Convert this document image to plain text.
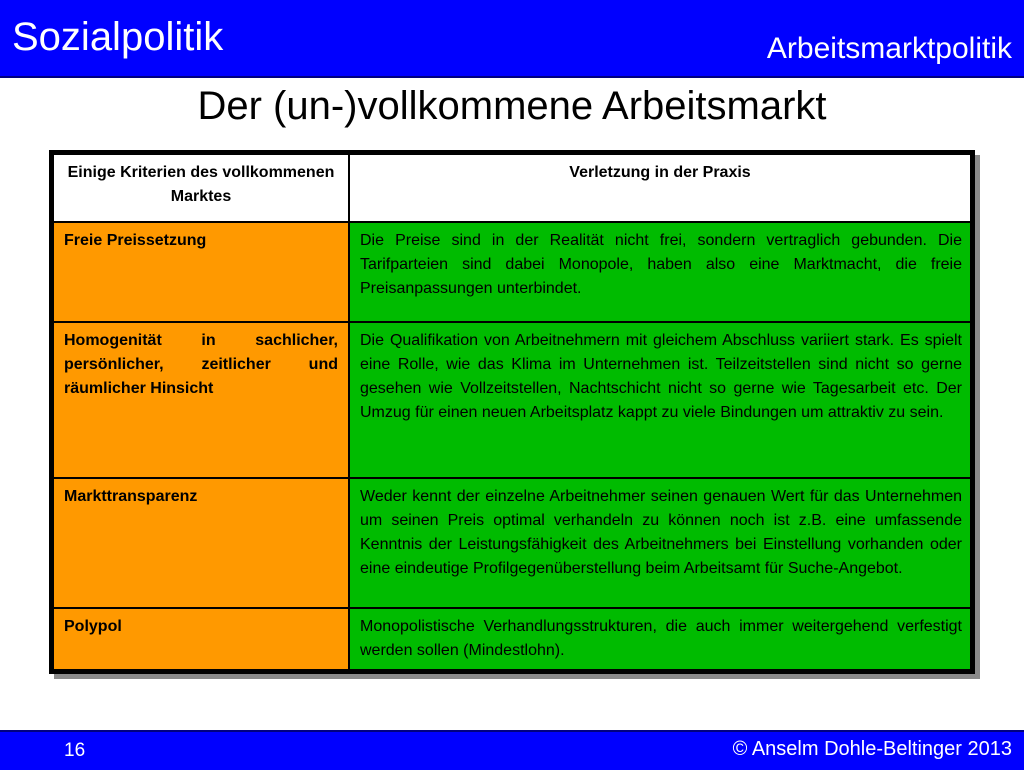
Sozialpolitik	Arbeitsmarktpolitik
Der (un-)vollkommene Arbeitsmarkt
Einige Kriterien des vollkommenen Marktes	Verletzung in der Praxis
Freie Preissetzung	Die Preise sind in der Realität nicht frei, sondern vertraglich gebunden. Die Tarifparteien sind dabei Monopole, haben also eine Marktmacht, die freie Preisanpassungen unterbindet.
Homogenität in sachlicher, persönlicher, zeitlicher und räumlicher Hinsicht	Die Qualifikation von Arbeitnehmern mit gleichem Abschluss variiert stark. Es spielt eine Rolle, wie das Klima im Unternehmen ist. Teilzeitstellen sind nicht so gerne gesehen wie Vollzeitstellen, Nachtschicht nicht so gerne wie Tagesarbeit etc. Der Umzug für einen neuen Arbeitsplatz kappt zu viele Bindungen um attraktiv zu sein.
Markttransparenz	Weder kennt der einzelne Arbeitnehmer seinen genauen Wert für das Unternehmen um seinen Preis optimal verhandeln zu können noch ist z.B. eine umfassende Kenntnis der Leistungsfähigkeit des Arbeitnehmers bei Einstellung vorhanden oder eine eindeutige Profilgegenüberstellung beim Arbeitsamt für Suche-Angebot.
Polypol	Monopolistische Verhandlungsstrukturen, die auch immer weitergehend verfestigt werden sollen (Mindestlohn).
16	© Anselm Dohle-Beltinger 2013
